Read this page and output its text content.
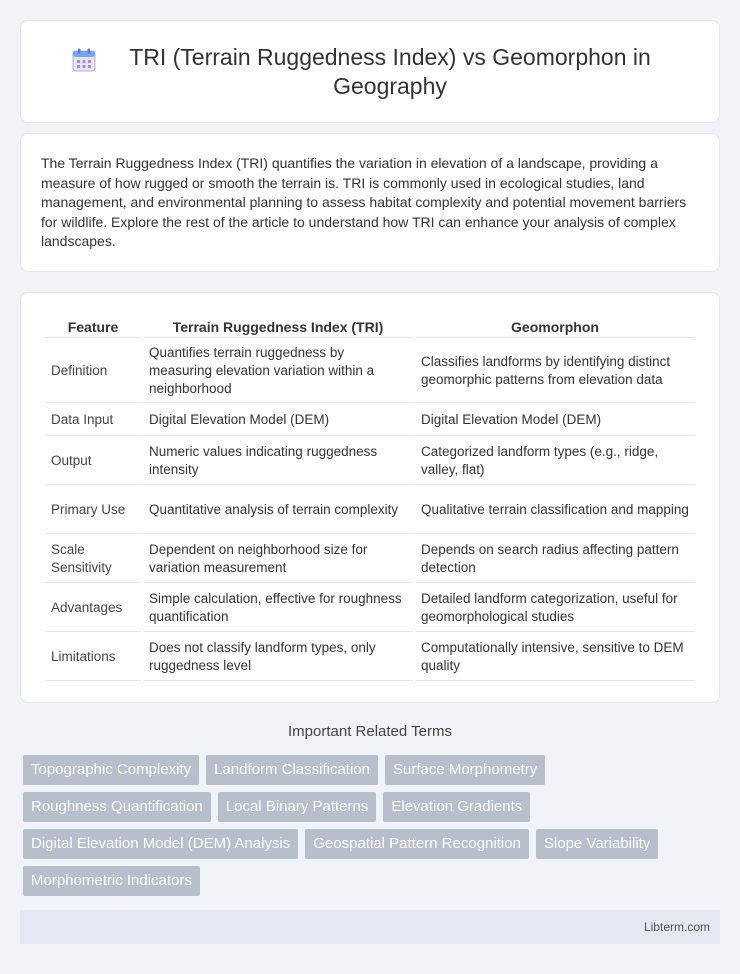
TRI (Terrain Ruggedness Index) vs Geomorphon in Geography

The Terrain Ruggedness Index (TRI) quantifies the variation in elevation of a landscape, providing a measure of how rugged or smooth the terrain is. TRI is commonly used in ecological studies, land management, and environmental planning to assess habitat complexity and potential movement barriers for wildlife. Explore the rest of the article to understand how TRI can enhance your analysis of complex landscapes.

Feature	Terrain Ruggedness Index (TRI)	Geomorphon
Definition	Quantifies terrain ruggedness by measuring elevation variation within a neighborhood	Classifies landforms by identifying distinct geomorphic patterns from elevation data
Data Input	Digital Elevation Model (DEM)	Digital Elevation Model (DEM)
Output	Numeric values indicating ruggedness intensity	Categorized landform types (e.g., ridge, valley, flat)
Primary Use	Quantitative analysis of terrain complexity	Qualitative terrain classification and mapping
Scale Sensitivity	Dependent on neighborhood size for variation measurement	Depends on search radius affecting pattern detection
Advantages	Simple calculation, effective for roughness quantification	Detailed landform categorization, useful for geomorphological studies
Limitations	Does not classify landform types, only ruggedness level	Computationally intensive, sensitive to DEM quality
Important Related Terms
Topographic Complexity	Landform Classification	Surface Morphometry
Roughness Quantification	Local Binary Patterns	Elevation Gradients
Digital Elevation Model (DEM) Analysis	Geospatial Pattern Recognition	Slope Variability
Morphometric Indicators
Libterm.com
